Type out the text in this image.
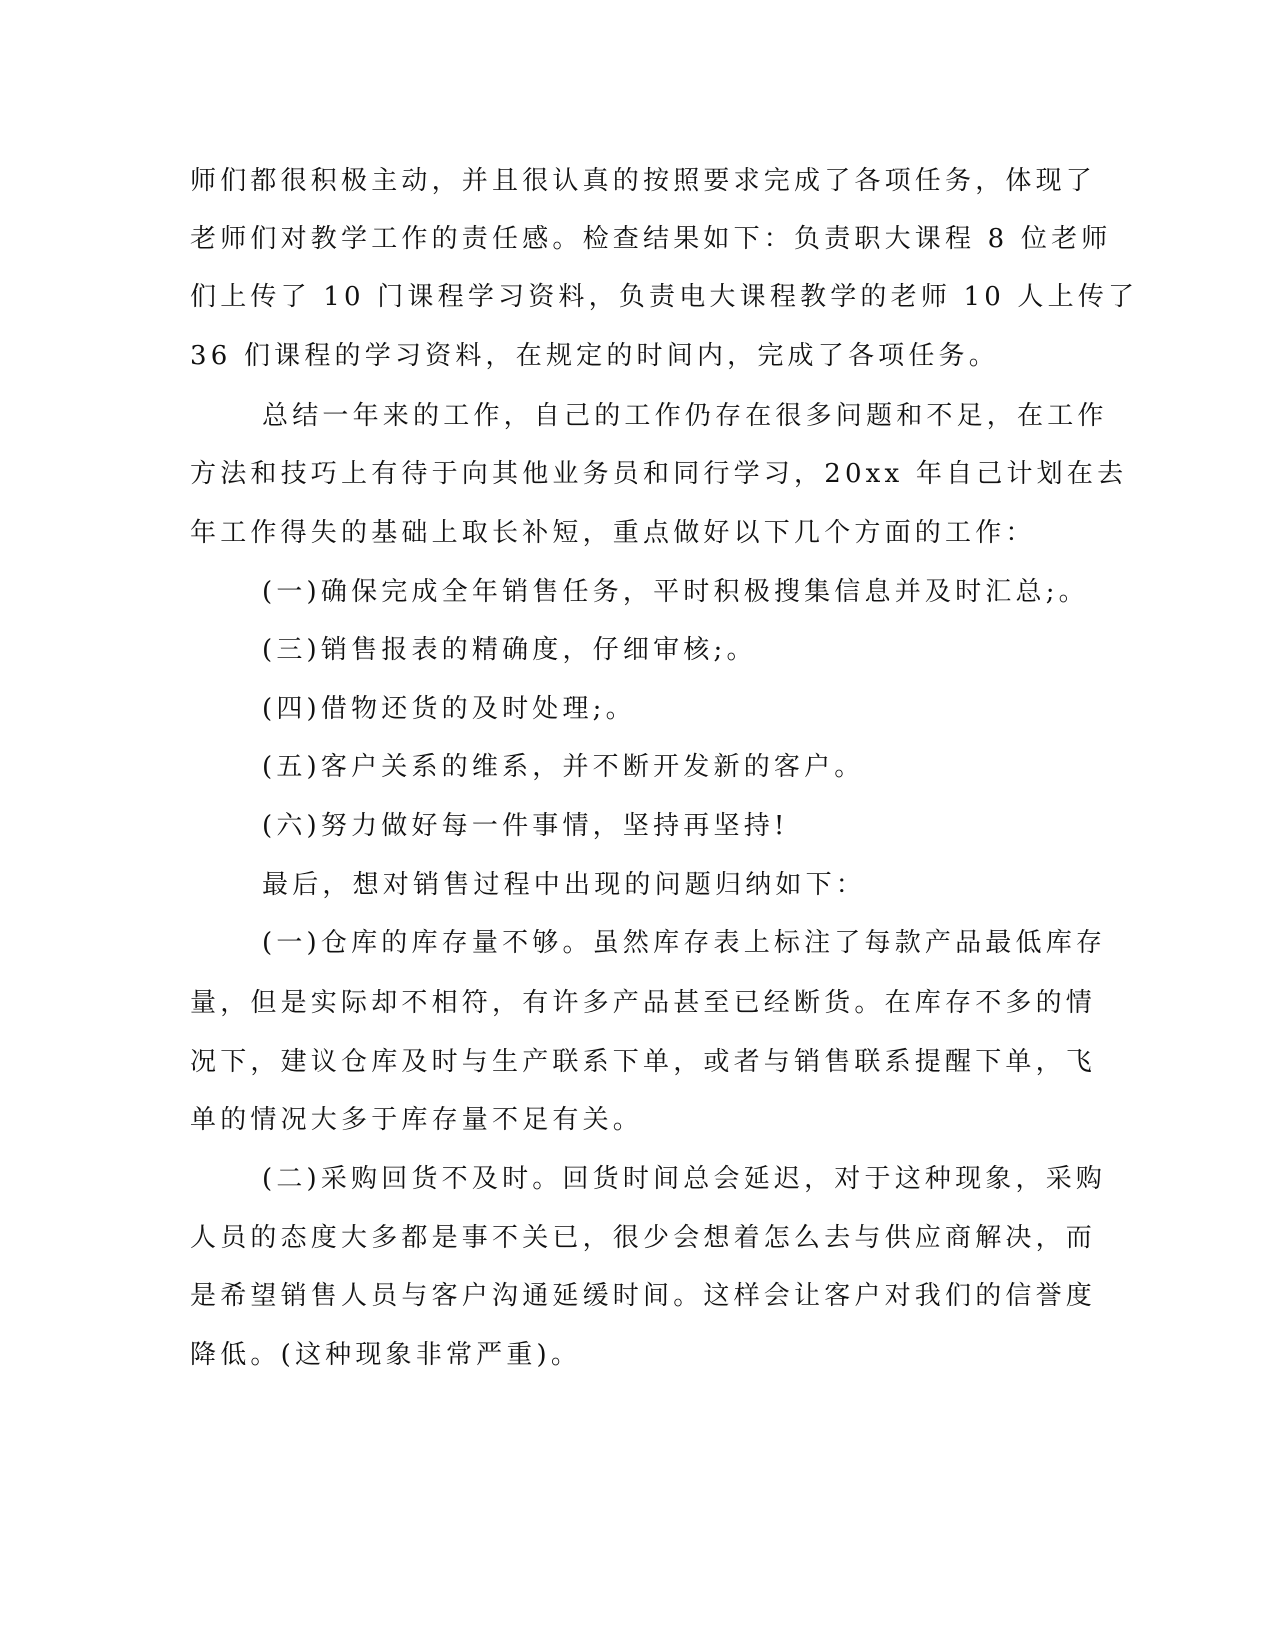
师们都很积极主动，并且很认真的按照要求完成了各项任务，体现了
老师们对教学工作的责任感。检查结果如下：负责职大课程 8 位老师
们上传了 10 门课程学习资料，负责电大课程教学的老师 10 人上传了
36 们课程的学习资料，在规定的时间内，完成了各项任务。
总结一年来的工作，自己的工作仍存在很多问题和不足，在工作
方法和技巧上有待于向其他业务员和同行学习，20xx 年自己计划在去
年工作得失的基础上取长补短，重点做好以下几个方面的工作：
(一)确保完成全年销售任务，平时积极搜集信息并及时汇总;。
(三)销售报表的精确度，仔细审核;。
(四)借物还货的及时处理;。
(五)客户关系的维系，并不断开发新的客户。
(六)努力做好每一件事情，坚持再坚持!
最后，想对销售过程中出现的问题归纳如下：
(一)仓库的库存量不够。虽然库存表上标注了每款产品最低库存
量，但是实际却不相符，有许多产品甚至已经断货。在库存不多的情
况下，建议仓库及时与生产联系下单，或者与销售联系提醒下单，飞
单的情况大多于库存量不足有关。
(二)采购回货不及时。回货时间总会延迟，对于这种现象，采购
人员的态度大多都是事不关已，很少会想着怎么去与供应商解决，而
是希望销售人员与客户沟通延缓时间。这样会让客户对我们的信誉度
降低。(这种现象非常严重)。
